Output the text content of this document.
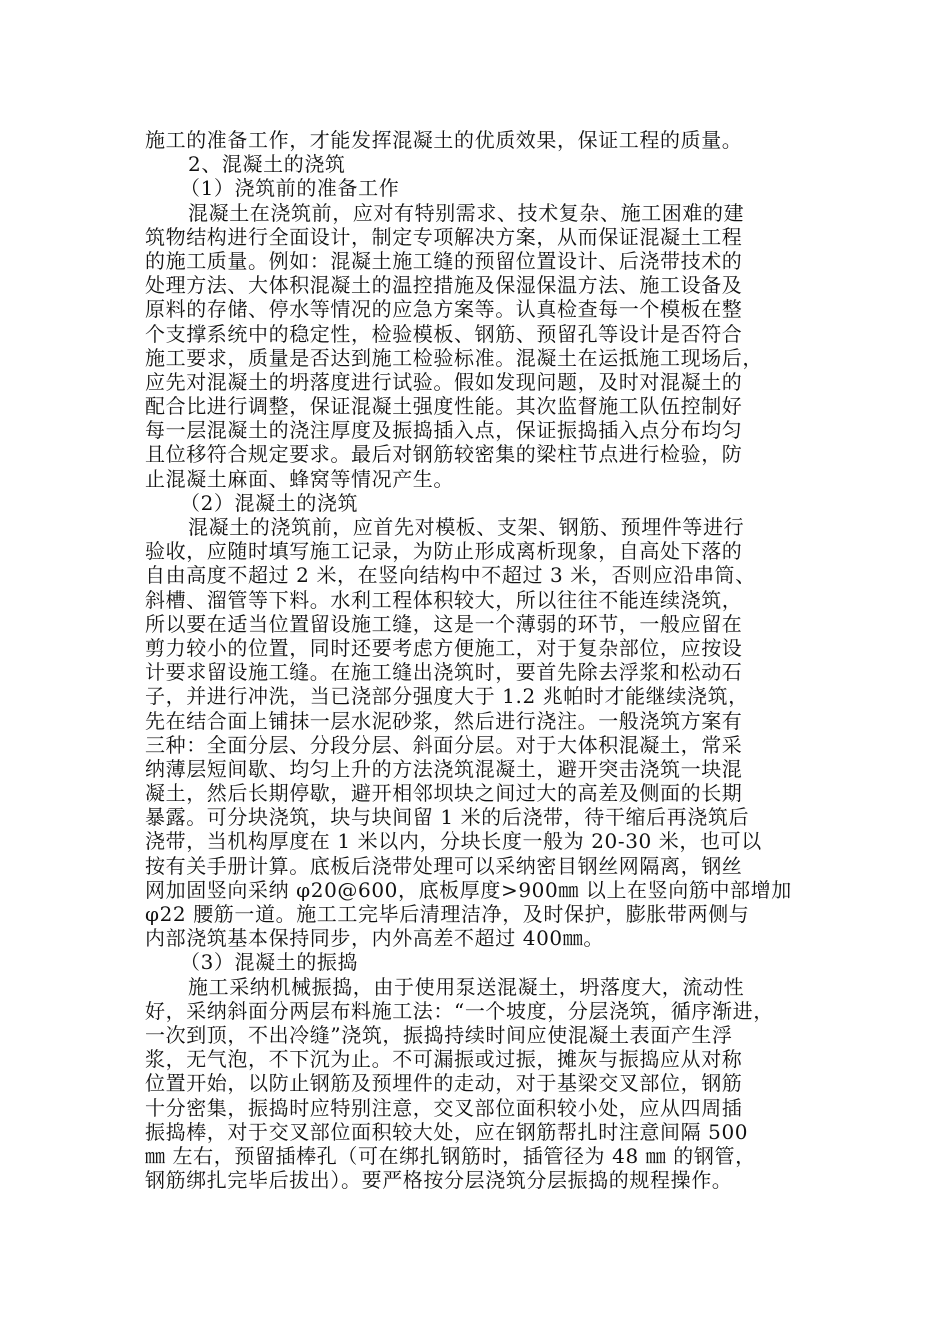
施工的准备工作，才能发挥混凝土的优质效果，保证工程的质量。
2、混凝土的浇筑
（1）浇筑前的准备工作
混凝土在浇筑前，应对有特别需求、技术复杂、施工困难的建
筑物结构进行全面设计，制定专项解决方案，从而保证混凝土工程
的施工质量。例如：混凝土施工缝的预留位置设计、后浇带技术的
处理方法、大体积混凝土的温控措施及保湿保温方法、施工设备及
原料的存储、停水等情况的应急方案等。认真检查每一个模板在整
个支撑系统中的稳定性，检验模板、钢筋、预留孔等设计是否符合
施工要求，质量是否达到施工检验标准。混凝土在运抵施工现场后，
应先对混凝土的坍落度进行试验。假如发现问题，及时对混凝土的
配合比进行调整，保证混凝土强度性能。其次监督施工队伍控制好
每一层混凝土的浇注厚度及振捣插入点，保证振捣插入点分布均匀
且位移符合规定要求。最后对钢筋较密集的梁柱节点进行检验，防
止混凝土麻面、蜂窝等情况产生。
（2）混凝土的浇筑
混凝土的浇筑前，应首先对模板、支架、钢筋、预埋件等进行
验收，应随时填写施工记录，为防止形成离析现象，自高处下落的
自由高度不超过 2 米，在竖向结构中不超过 3 米，否则应沿串筒、
斜槽、溜管等下料。水利工程体积较大，所以往往不能连续浇筑，
所以要在适当位置留设施工缝，这是一个薄弱的环节，一般应留在
剪力较小的位置，同时还要考虑方便施工，对于复杂部位，应按设
计要求留设施工缝。在施工缝出浇筑时，要首先除去浮浆和松动石
子，并进行冲洗，当已浇部分强度大于 1.2 兆帕时才能继续浇筑，
先在结合面上铺抹一层水泥砂浆，然后进行浇注。一般浇筑方案有
三种：全面分层、分段分层、斜面分层。对于大体积混凝土，常采
纳薄层短间歇、均匀上升的方法浇筑混凝土，避开突击浇筑一块混
凝土，然后长期停歇，避开相邻坝块之间过大的高差及侧面的长期
暴露。可分块浇筑，块与块间留 1 米的后浇带，待干缩后再浇筑后
浇带，当机构厚度在 1 米以内，分块长度一般为 20-30 米，也可以
按有关手册计算。底板后浇带处理可以采纳密目钢丝网隔离，钢丝
网加固竖向采纳 φ20@600，底板厚度>900㎜ 以上在竖向筋中部增加
φ22 腰筋一道。施工工完毕后清理洁净，及时保护，膨胀带两侧与
内部浇筑基本保持同步，内外高差不超过 400㎜。
（3）混凝土的振捣
施工采纳机械振捣，由于使用泵送混凝土，坍落度大，流动性
好，采纳斜面分两层布料施工法：“一个坡度，分层浇筑，循序渐进，
一次到顶，不出冷缝”浇筑，振捣持续时间应使混凝土表面产生浮
浆，无气泡，不下沉为止。不可漏振或过振，摊灰与振捣应从对称
位置开始，以防止钢筋及预埋件的走动，对于基梁交叉部位，钢筋
十分密集，振捣时应特别注意，交叉部位面积较小处，应从四周插
振捣棒，对于交叉部位面积较大处，应在钢筋帮扎时注意间隔 500
㎜ 左右，预留插棒孔（可在绑扎钢筋时，插管径为 48 ㎜ 的钢管，
钢筋绑扎完毕后拔出）。要严格按分层浇筑分层振捣的规程操作。
